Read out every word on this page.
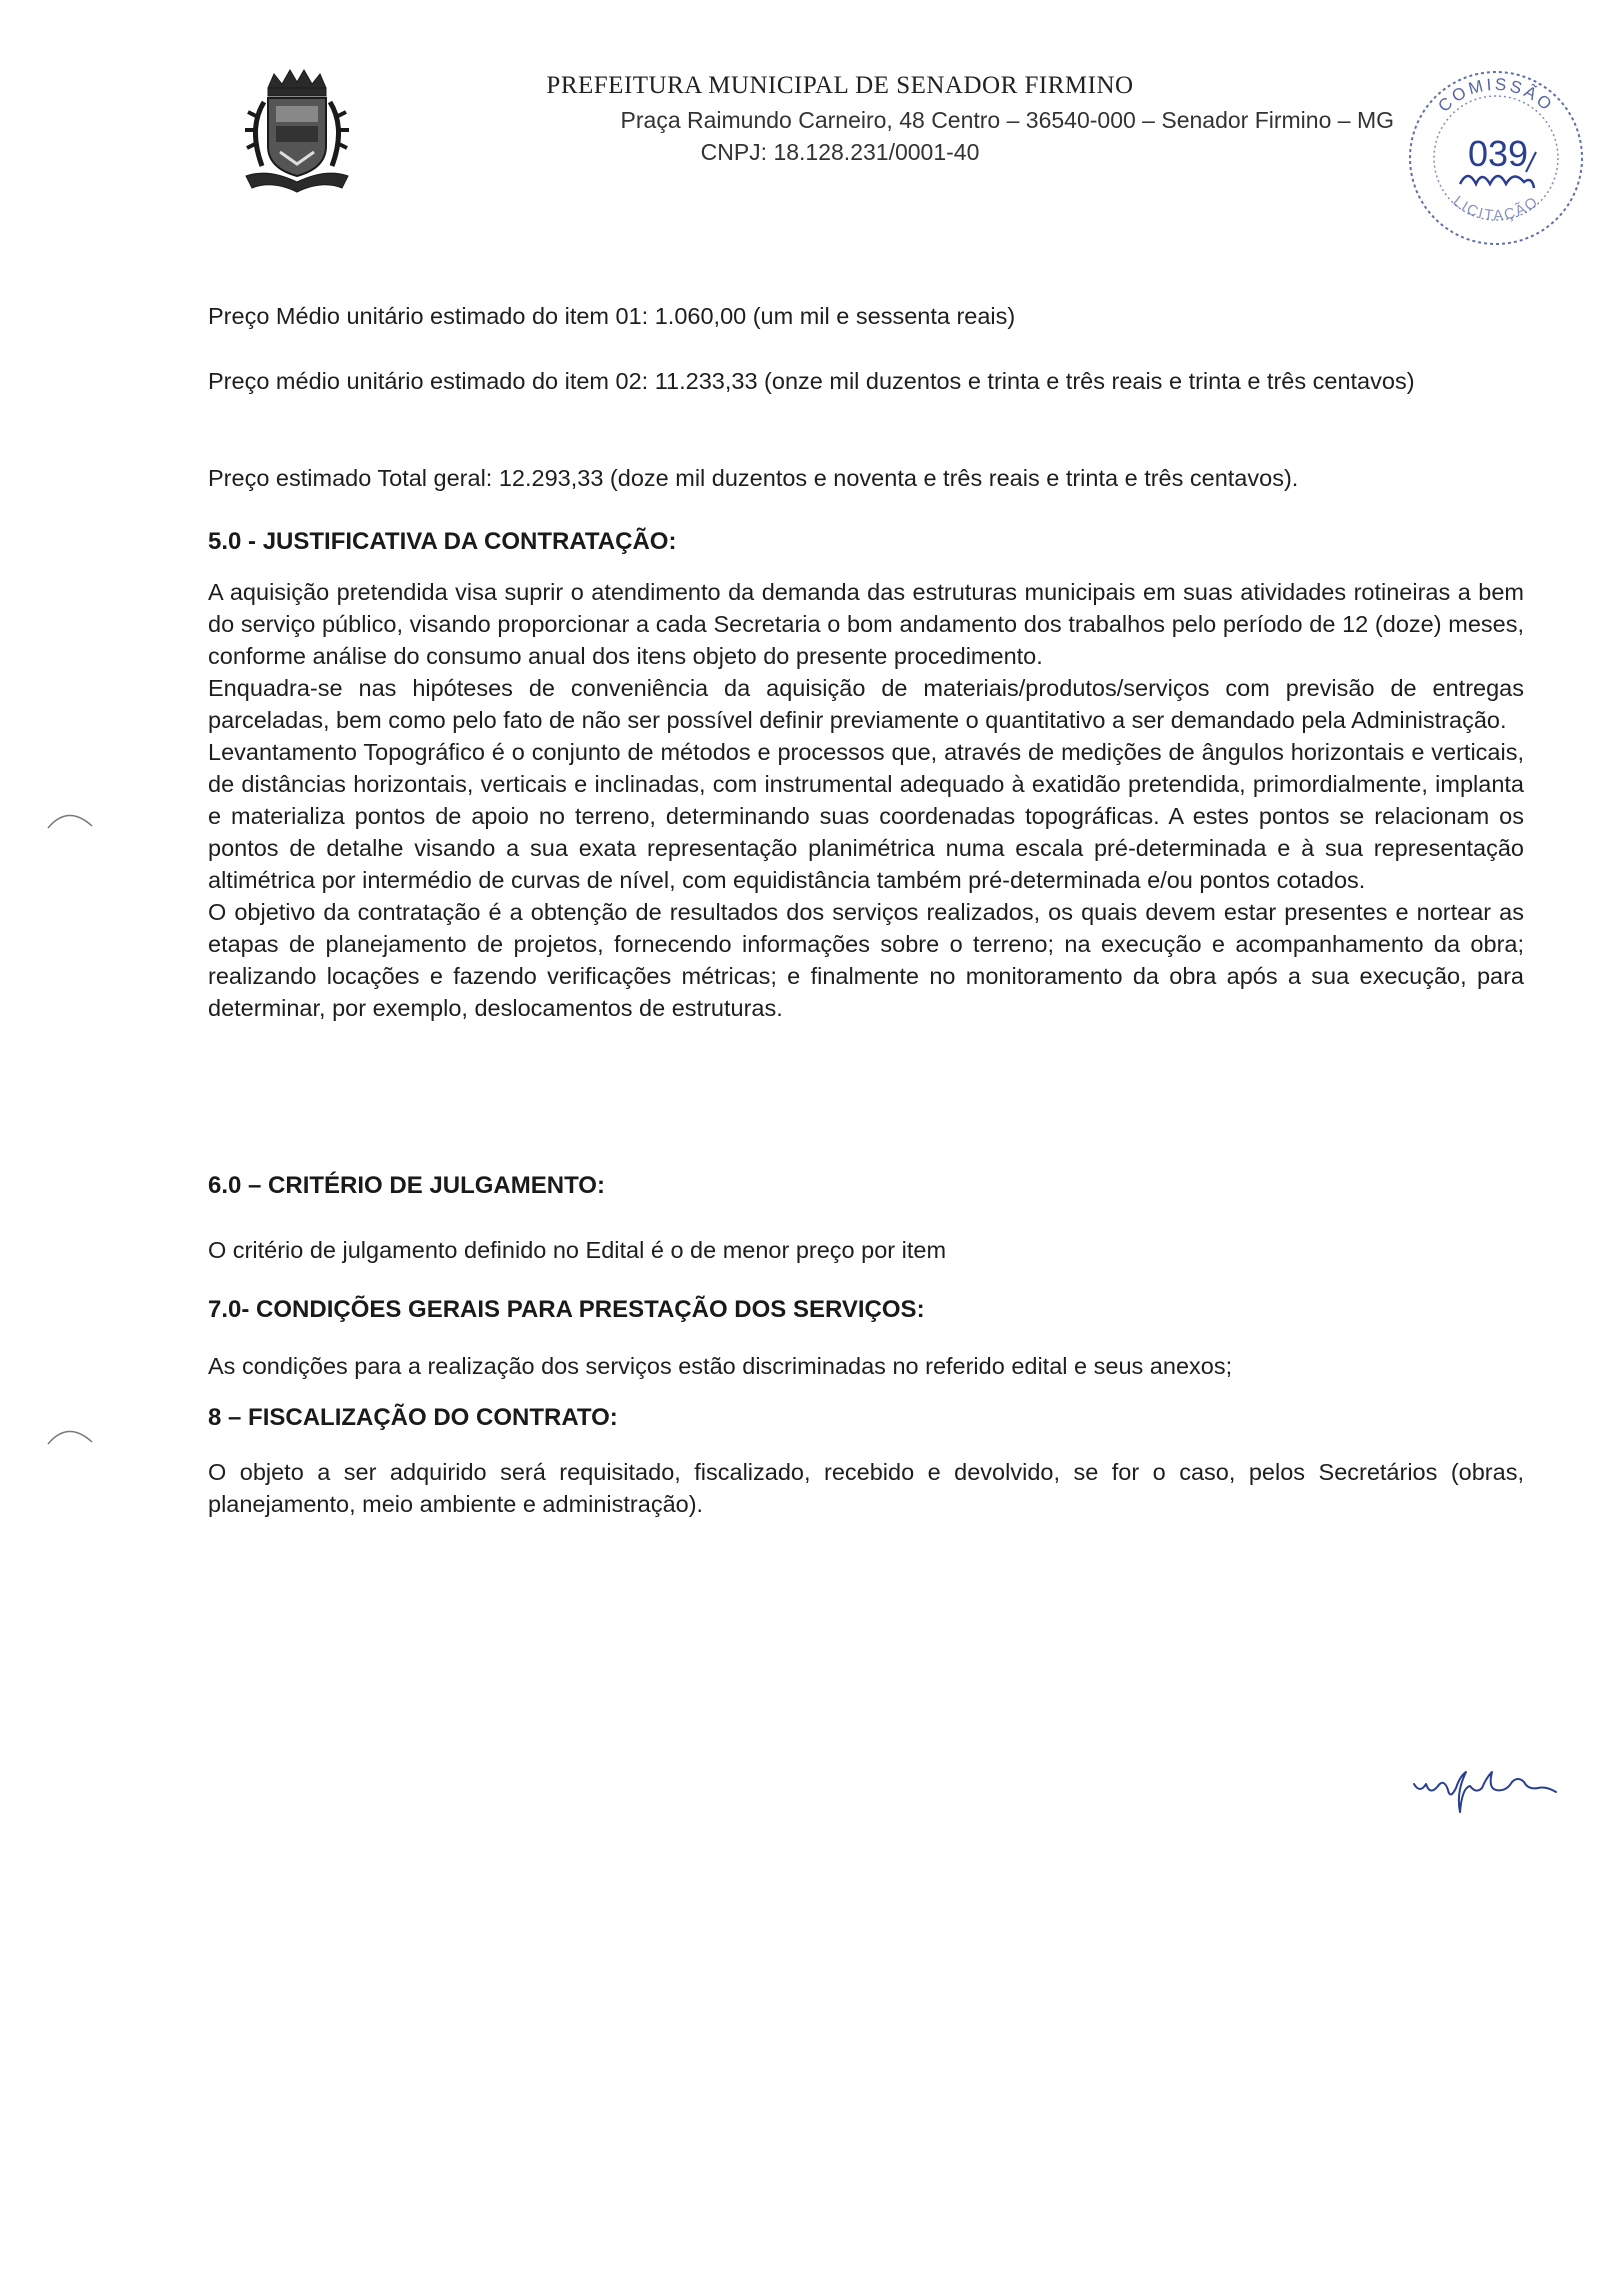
PREFEITURA MUNICIPAL DE SENADOR FIRMINO
Praça Raimundo Carneiro, 48 Centro – 36540-000 – Senador Firmino – MG
CNPJ: 18.128.231/0001-40
COMISSÃO
LICITAÇÃO
039
Preço Médio unitário estimado do item 01: 1.060,00 (um mil e sessenta reais)
Preço médio unitário estimado do item 02: 11.233,33 (onze mil duzentos e trinta e três reais e trinta e três centavos)
Preço estimado Total geral: 12.293,33 (doze mil duzentos e noventa e três reais e trinta e três centavos).
5.0 - JUSTIFICATIVA DA CONTRATAÇÃO:

A aquisição pretendida visa suprir o atendimento da demanda das estruturas municipais em suas atividades rotineiras a bem do serviço público, visando proporcionar a cada Secretaria o bom andamento dos trabalhos pelo período de 12 (doze) meses, conforme análise do consumo anual dos itens objeto do presente procedimento.

Enquadra-se nas hipóteses de conveniência da aquisição de materiais/produtos/serviços com previsão de entregas parceladas, bem como pelo fato de não ser possível definir previamente o quantitativo a ser demandado pela Administração.

Levantamento Topográfico é o conjunto de métodos e processos que, através de medições de ângulos horizontais e verticais, de distâncias horizontais, verticais e inclinadas, com instrumental adequado à exatidão pretendida, primordialmente, implanta e materializa pontos de apoio no terreno, determinando suas coordenadas topográficas. A estes pontos se relacionam os pontos de detalhe visando a sua exata representação planimétrica numa escala pré-determinada e à sua representação altimétrica por intermédio de curvas de nível, com equidistância também pré-determinada e/ou pontos cotados.

O objetivo da contratação é a obtenção de resultados dos serviços realizados, os quais devem estar presentes e nortear as etapas de planejamento de projetos, fornecendo informações sobre o terreno; na execução e acompanhamento da obra; realizando locações e fazendo verificações métricas; e finalmente no monitoramento da obra após a sua execução, para determinar, por exemplo, deslocamentos de estruturas.

6.0 – CRITÉRIO DE JULGAMENTO:
O critério de julgamento definido no Edital é o de menor preço por item
7.0- CONDIÇÕES GERAIS PARA PRESTAÇÃO DOS SERVIÇOS:
As condições para a realização dos serviços estão discriminadas no referido edital e seus anexos;
8 – FISCALIZAÇÃO DO CONTRATO:
O objeto a ser adquirido será requisitado, fiscalizado, recebido e devolvido, se for o caso, pelos Secretários (obras, planejamento, meio ambiente e administração).
